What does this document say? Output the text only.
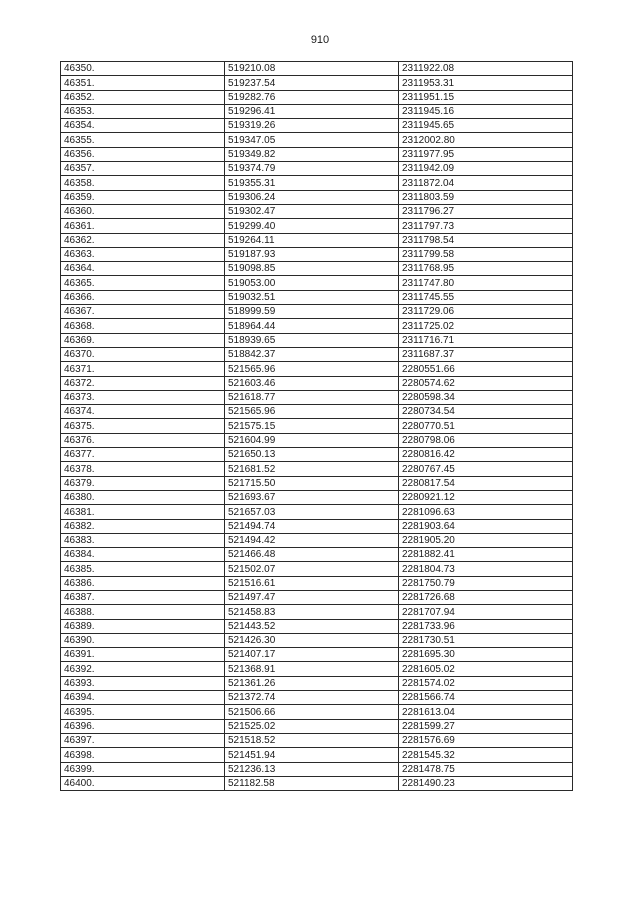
910
46350.	519210.08	2311922.08
46351.	519237.54	2311953.31
46352.	519282.76	2311951.15
46353.	519296.41	2311945.16
46354.	519319.26	2311945.65
46355.	519347.05	2312002.80
46356.	519349.82	2311977.95
46357.	519374.79	2311942.09
46358.	519355.31	2311872.04
46359.	519306.24	2311803.59
46360.	519302.47	2311796.27
46361.	519299.40	2311797.73
46362.	519264.11	2311798.54
46363.	519187.93	2311799.58
46364.	519098.85	2311768.95
46365.	519053.00	2311747.80
46366.	519032.51	2311745.55
46367.	518999.59	2311729.06
46368.	518964.44	2311725.02
46369.	518939.65	2311716.71
46370.	518842.37	2311687.37
46371.	521565.96	2280551.66
46372.	521603.46	2280574.62
46373.	521618.77	2280598.34
46374.	521565.96	2280734.54
46375.	521575.15	2280770.51
46376.	521604.99	2280798.06
46377.	521650.13	2280816.42
46378.	521681.52	2280767.45
46379.	521715.50	2280817.54
46380.	521693.67	2280921.12
46381.	521657.03	2281096.63
46382.	521494.74	2281903.64
46383.	521494.42	2281905.20
46384.	521466.48	2281882.41
46385.	521502.07	2281804.73
46386.	521516.61	2281750.79
46387.	521497.47	2281726.68
46388.	521458.83	2281707.94
46389.	521443.52	2281733.96
46390.	521426.30	2281730.51
46391.	521407.17	2281695.30
46392.	521368.91	2281605.02
46393.	521361.26	2281574.02
46394.	521372.74	2281566.74
46395.	521506.66	2281613.04
46396.	521525.02	2281599.27
46397.	521518.52	2281576.69
46398.	521451.94	2281545.32
46399.	521236.13	2281478.75
46400.	521182.58	2281490.23
